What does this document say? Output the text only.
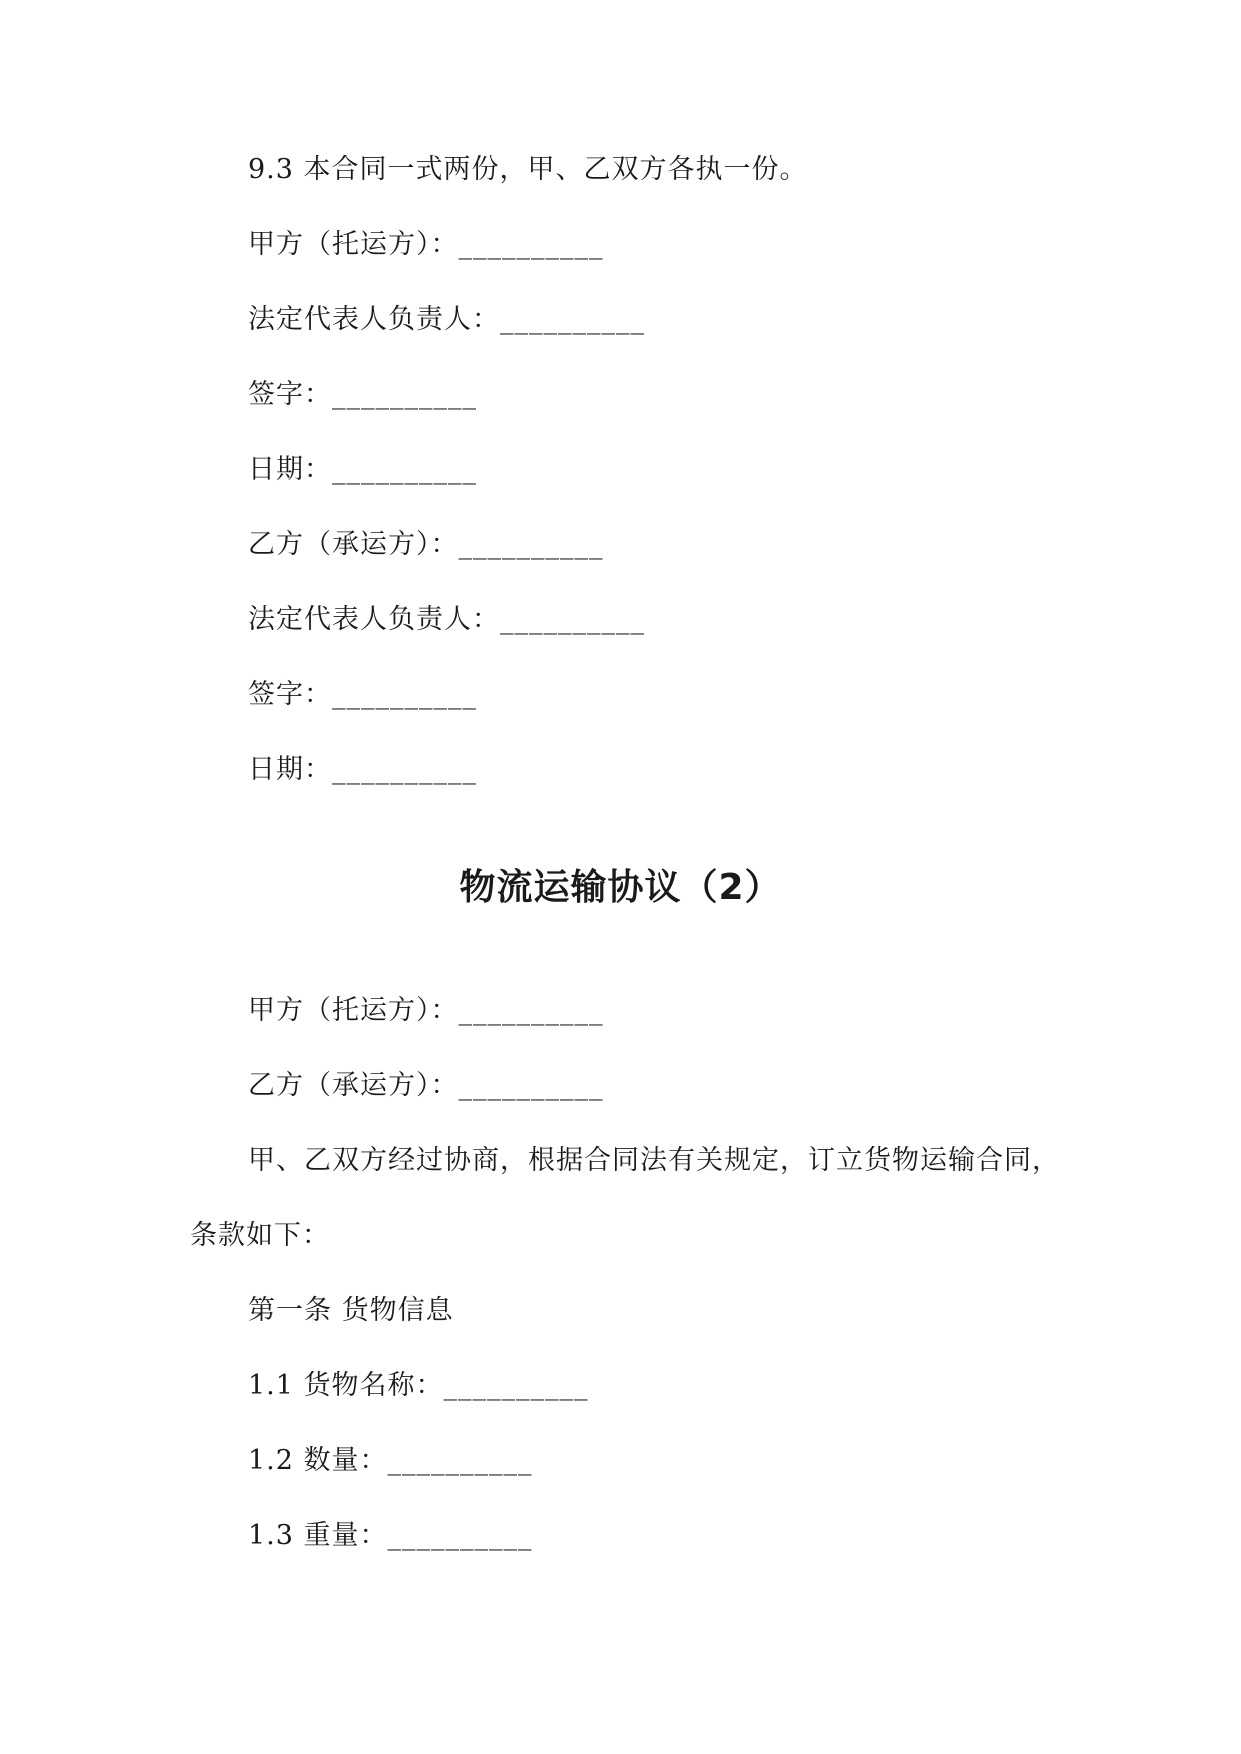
9.3 本合同一式两份，甲、乙双方各执一份。
甲方（托运方）：__________
法定代表人负责人：__________
签字：__________
日期：__________
乙方（承运方）：__________
法定代表人负责人：__________
签字：__________
日期：__________
物流运输协议（2）
甲方（托运方）：__________
乙方（承运方）：__________
甲、乙双方经过协商，根据合同法有关规定，订立货物运输合同，
条款如下：
第一条 货物信息
1.1 货物名称：__________
1.2 数量：__________
1.3 重量：__________
